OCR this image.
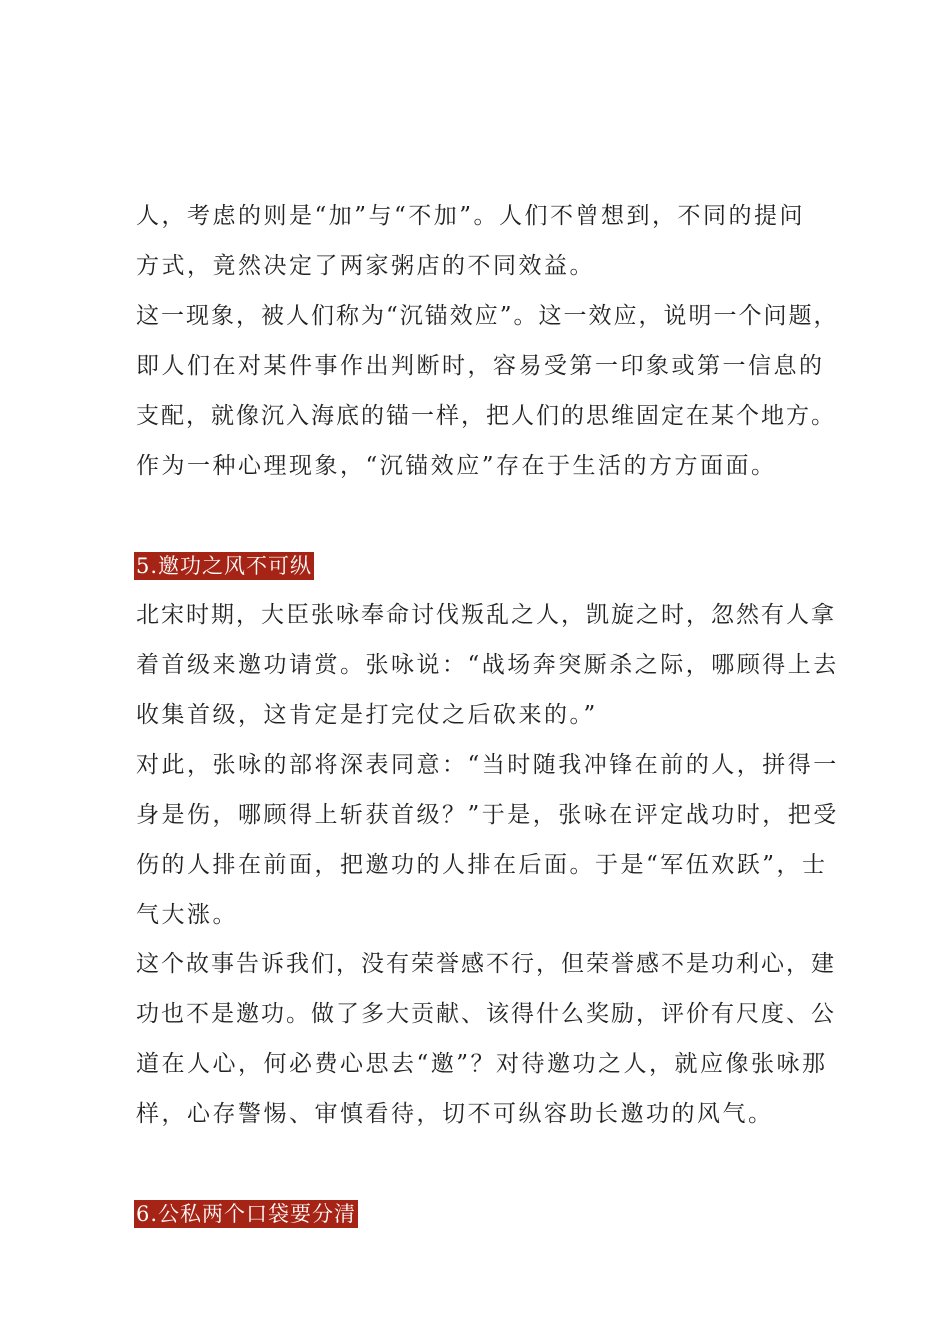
人，考虑的则是“加”与“不加”。人们不曾想到，不同的提问
方式，竟然决定了两家粥店的不同效益。
这一现象，被人们称为“沉锚效应”。这一效应，说明一个问题，
即人们在对某件事作出判断时，容易受第一印象或第一信息的
支配，就像沉入海底的锚一样，把人们的思维固定在某个地方。
作为一种心理现象，“沉锚效应”存在于生活的方方面面。
5.邀功之风不可纵
北宋时期，大臣张咏奉命讨伐叛乱之人，凯旋之时，忽然有人拿
着首级来邀功请赏。张咏说：“战场奔突厮杀之际，哪顾得上去
收集首级，这肯定是打完仗之后砍来的。”
对此，张咏的部将深表同意：“当时随我冲锋在前的人，拼得一
身是伤，哪顾得上斩获首级？”于是，张咏在评定战功时，把受
伤的人排在前面，把邀功的人排在后面。于是“军伍欢跃”，士
气大涨。
这个故事告诉我们，没有荣誉感不行，但荣誉感不是功利心，建
功也不是邀功。做了多大贡献、该得什么奖励，评价有尺度、公
道在人心，何必费心思去“邀”？对待邀功之人，就应像张咏那
样，心存警惕、审慎看待，切不可纵容助长邀功的风气。
6.公私两个口袋要分清
